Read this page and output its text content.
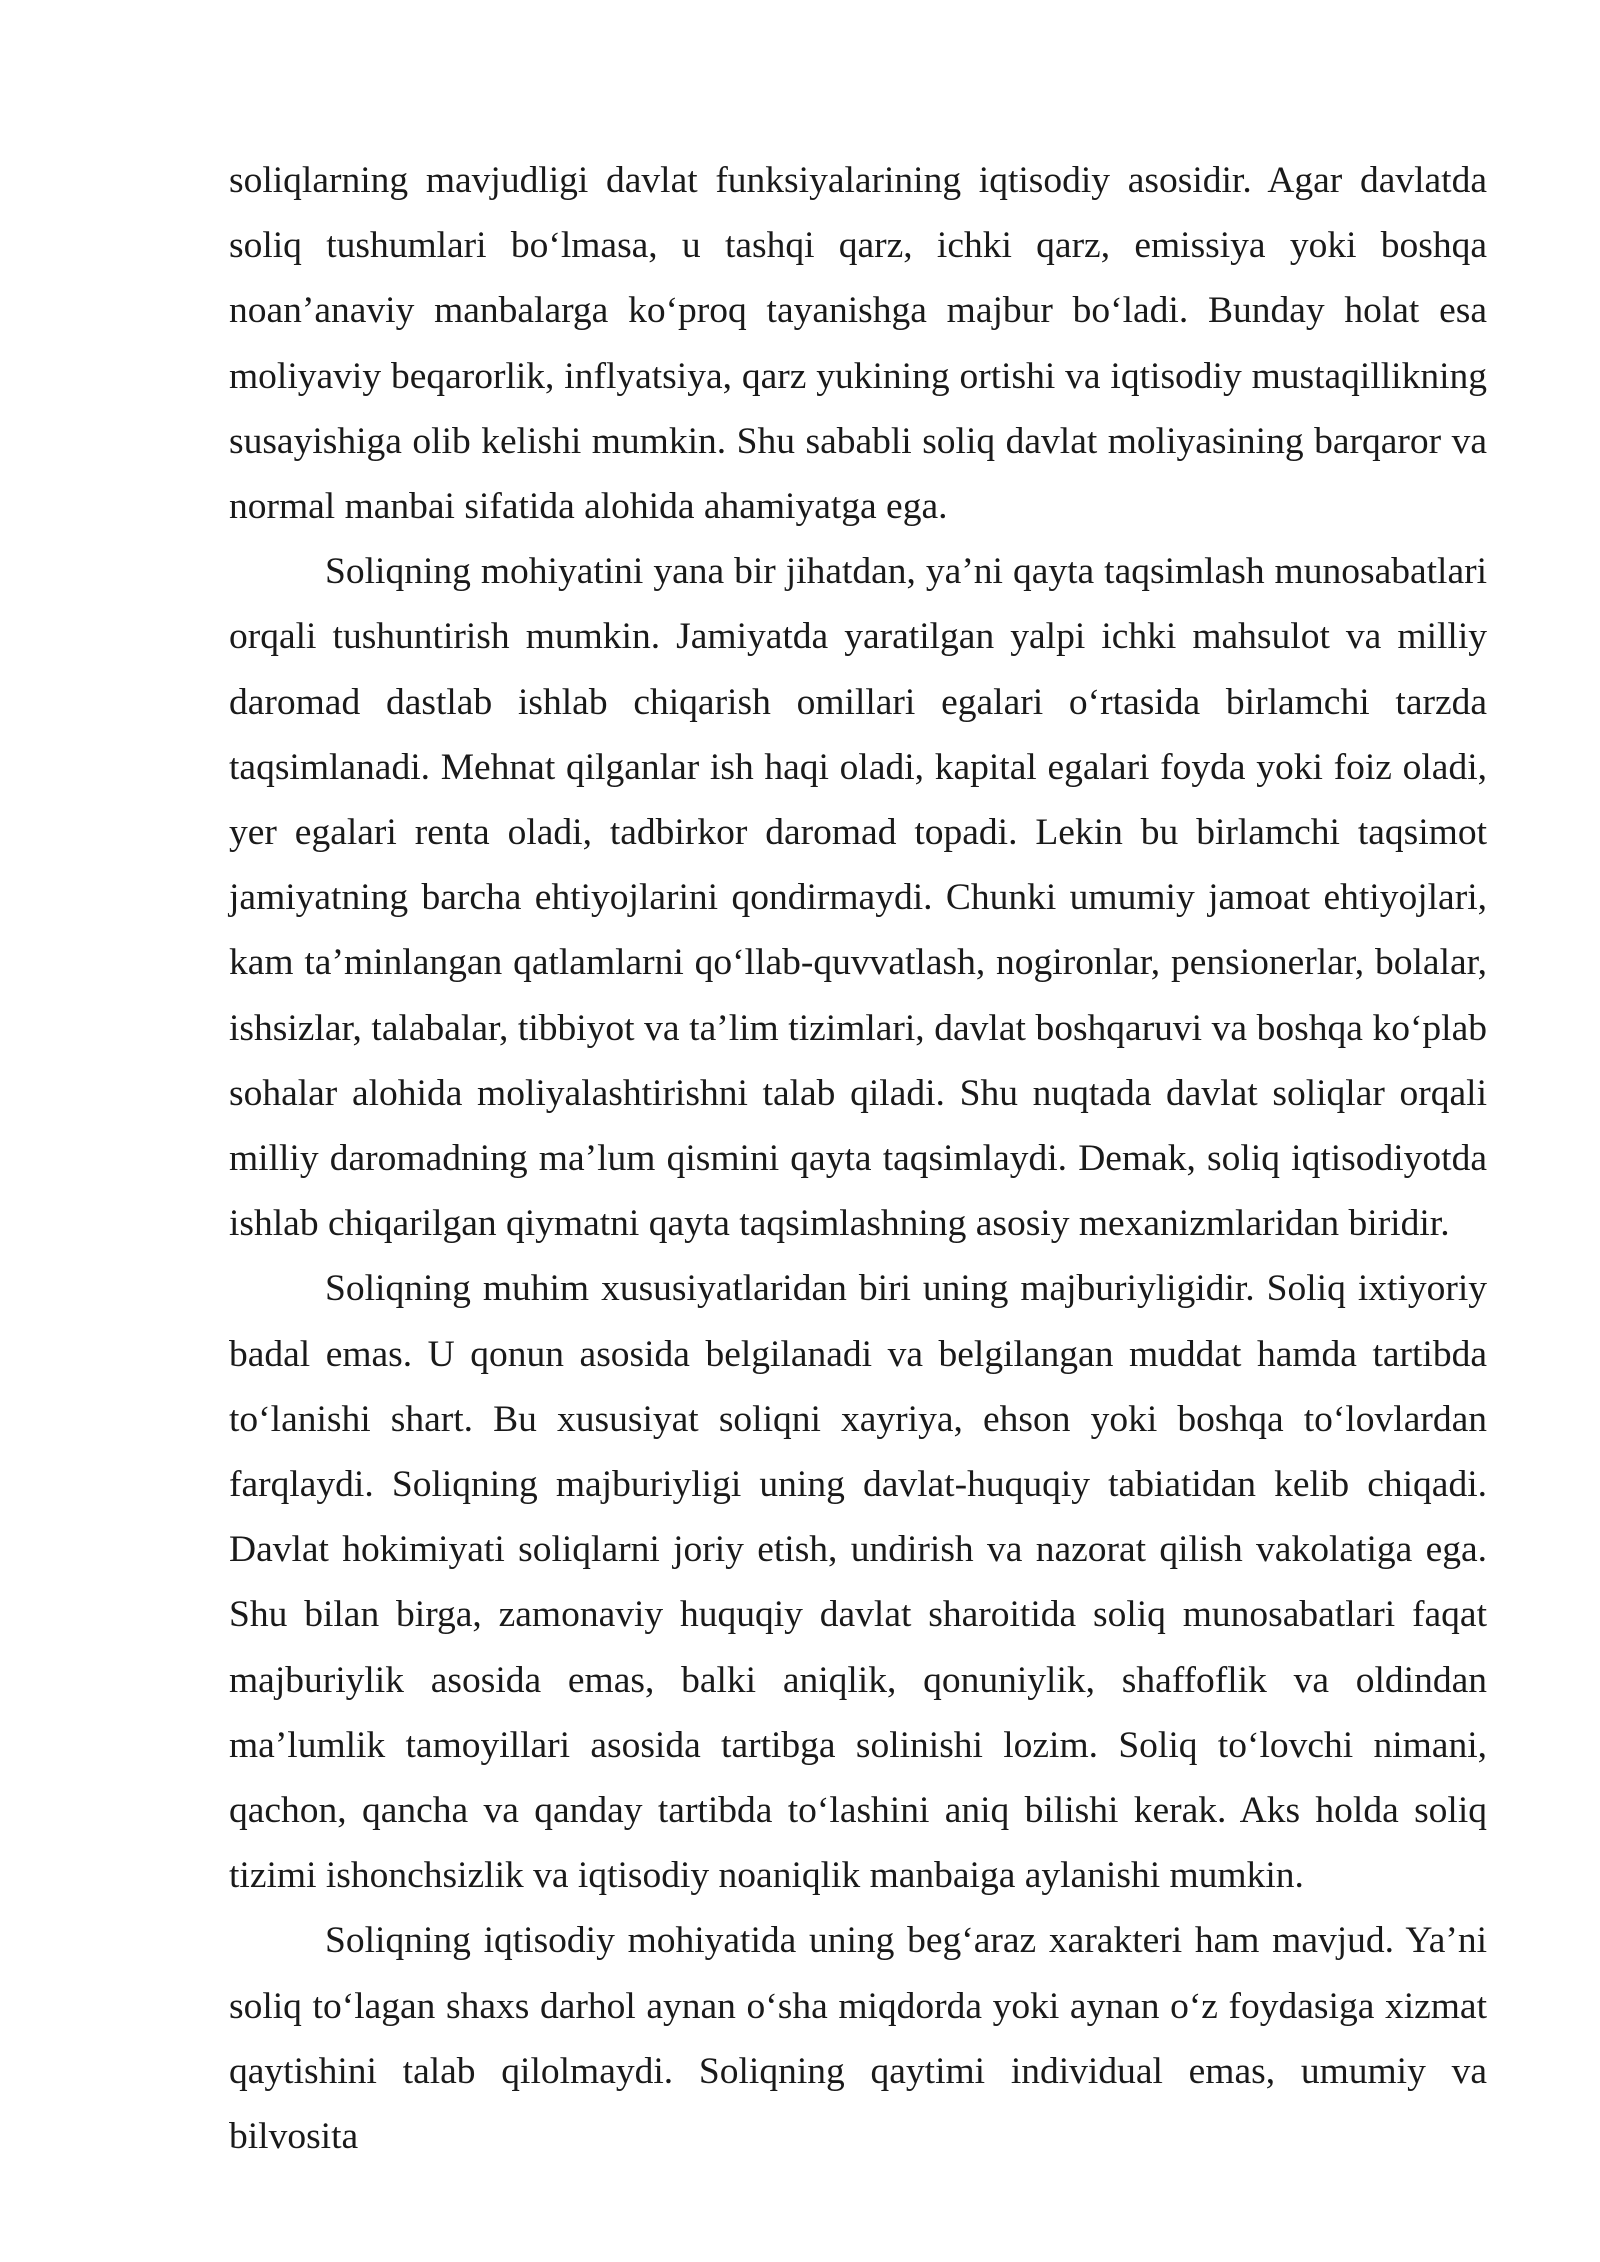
soliqlarning mavjudligi davlat funksiyalarining iqtisodiy asosidir. Agar davlatda soliq tushumlari bo‘lmasa, u tashqi qarz, ichki qarz, emissiya yoki boshqa noan’anaviy manbalarga ko‘proq tayanishga majbur bo‘ladi. Bunday holat esa moliyaviy beqarorlik, inflyatsiya, qarz yukining ortishi va iqtisodiy mustaqillikning susayishiga olib kelishi mumkin. Shu sababli soliq davlat moliyasining barqaror va normal manbai sifatida alohida ahamiyatga ega.

Soliqning mohiyatini yana bir jihatdan, ya’ni qayta taqsimlash munosabatlari orqali tushuntirish mumkin. Jamiyatda yaratilgan yalpi ichki mahsulot va milliy daromad dastlab ishlab chiqarish omillari egalari o‘rtasida birlamchi tarzda taqsimlanadi. Mehnat qilganlar ish haqi oladi, kapital egalari foyda yoki foiz oladi, yer egalari renta oladi, tadbirkor daromad topadi. Lekin bu birlamchi taqsimot jamiyatning barcha ehtiyojlarini qondirmaydi. Chunki umumiy jamoat ehtiyojlari, kam ta’minlangan qatlamlarni qo‘llab-quvvatlash, nogironlar, pensionerlar, bolalar, ishsizlar, talabalar, tibbiyot va ta’lim tizimlari, davlat boshqaruvi va boshqa ko‘plab sohalar alohida moliyalashtirishni talab qiladi. Shu nuqtada davlat soliqlar orqali milliy daromadning ma’lum qismini qayta taqsimlaydi. Demak, soliq iqtisodiyotda ishlab chiqarilgan qiymatni qayta taqsimlashning asosiy mexanizmlaridan biridir.

Soliqning muhim xususiyatlaridan biri uning majburiyligidir. Soliq ixtiyoriy badal emas. U qonun asosida belgilanadi va belgilangan muddat hamda tartibda to‘lanishi shart. Bu xususiyat soliqni xayriya, ehson yoki boshqa to‘lovlardan farqlaydi. Soliqning majburiyligi uning davlat-huquqiy tabiatidan kelib chiqadi. Davlat hokimiyati soliqlarni joriy etish, undirish va nazorat qilish vakolatiga ega. Shu bilan birga, zamonaviy huquqiy davlat sharoitida soliq munosabatlari faqat majburiylik asosida emas, balki aniqlik, qonuniylik, shaffoflik va oldindan ma’lumlik tamoyillari asosida tartibga solinishi lozim. Soliq to‘lovchi nimani, qachon, qancha va qanday tartibda to‘lashini aniq bilishi kerak. Aks holda soliq tizimi ishonchsizlik va iqtisodiy noaniqlik manbaiga aylanishi mumkin.

Soliqning iqtisodiy mohiyatida uning beg‘araz xarakteri ham mavjud. Ya’ni soliq to‘lagan shaxs darhol aynan o‘sha miqdorda yoki aynan o‘z foydasiga xizmat qaytishini talab qilolmaydi. Soliqning qaytimi individual emas, umumiy va bilvosita
